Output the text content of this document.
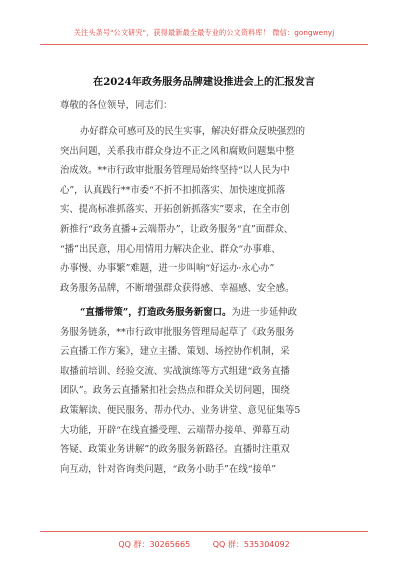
关注头条号"公文研究"，获得最新最全最专业的公文资料库！ 微信：gongwenyj
在2024年政务服务品牌建设推进会上的汇报发言
尊敬的各位领导，同志们：
办好群众可感可及的民生实事，解决好群众反映强烈的
突出问题，关系我市群众身边不正之风和腐败问题集中整
治成效。**市行政审批服务管理局始终坚持“以人民为中
心”，认真践行**市委“不折不扣抓落实、加快速度抓落
实、提高标准抓落实、开拓创新抓落实”要求，在全市创
新推行“政务直播+云端帮办”，让政务服务“直”面群众、
“播”出民意，用心用情用力解决企业、群众“办事难、
办事慢、办事繁”难题，进一步叫响“好运办·永心办”
政务服务品牌，不断增强群众获得感、幸福感、安全感。
“直播带策”，打造政务服务新窗口。为进一步延伸政
务服务链条，**市行政审批服务管理局起草了《政务服务
云直播工作方案》，建立主播、策划、场控协作机制，采
取播前培训、经验交流、实战演练等方式组建“政务直播
团队”。政务云直播紧扣社会热点和群众关切问题，围绕
政策解读、便民服务、帮办代办、业务讲堂、意见征集等5
大功能，开辟“在线直播受理、云端帮办接单、弹幕互动
答疑、政策业务讲解”的政务服务新路径。直播时注重双
向互动，针对咨询类问题，“政务小助手”在线“接单”
QQ 群：30265665	QQ 群：535304092
